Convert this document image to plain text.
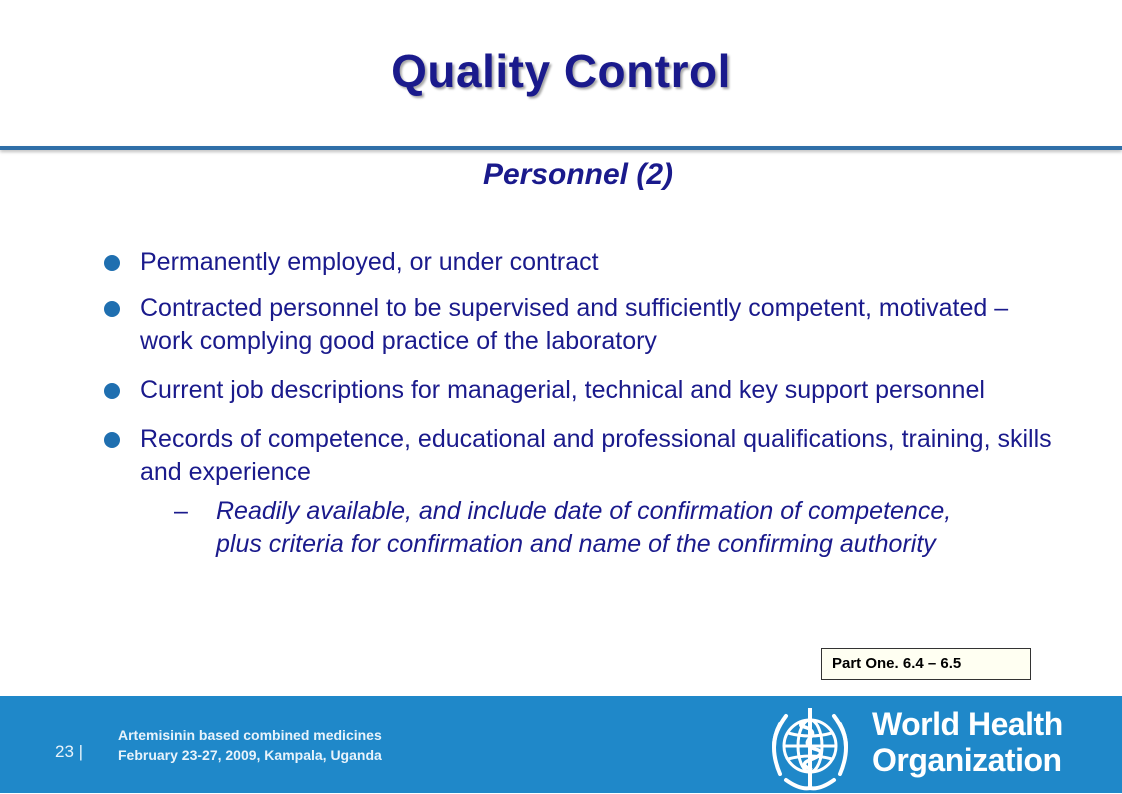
Quality Control
Personnel (2)
Permanently employed, or under contract
Contracted personnel to be supervised and sufficiently competent, motivated – work complying good practice of the laboratory
Current job descriptions for managerial, technical and key support personnel
Records of competence, educational and professional qualifications, training, skills and experience
– Readily available, and include date of confirmation of competence, plus criteria for confirmation and name of the confirming authority
Part One. 6.4 – 6.5
23 |
Artemisinin based combined medicines
February 23-27, 2009, Kampala, Uganda
World Health
Organization
